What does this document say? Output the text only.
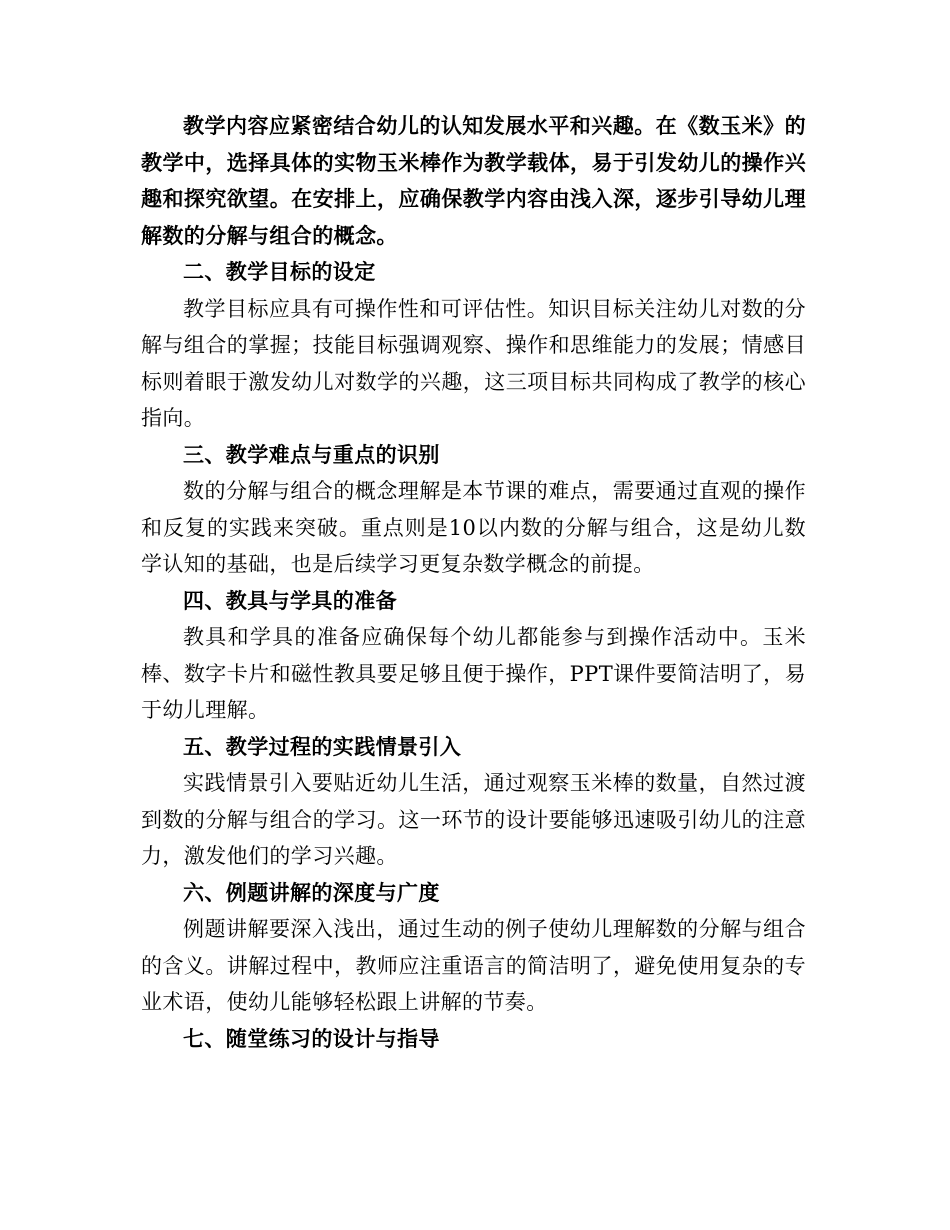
教学内容应紧密结合幼儿的认知发展水平和兴趣。在《数玉米》的教学中，选择具体的实物玉米棒作为教学载体，易于引发幼儿的操作兴趣和探究欲望。在安排上，应确保教学内容由浅入深，逐步引导幼儿理解数的分解与组合的概念。

二、教学目标的设定

教学目标应具有可操作性和可评估性。知识目标关注幼儿对数的分解与组合的掌握；技能目标强调观察、操作和思维能力的发展；情感目标则着眼于激发幼儿对数学的兴趣，这三项目标共同构成了教学的核心指向。

三、教学难点与重点的识别

数的分解与组合的概念理解是本节课的难点，需要通过直观的操作和反复的实践来突破。重点则是10以内数的分解与组合，这是幼儿数学认知的基础，也是后续学习更复杂数学概念的前提。

四、教具与学具的准备

教具和学具的准备应确保每个幼儿都能参与到操作活动中。玉米棒、数字卡片和磁性教具要足够且便于操作，PPT课件要简洁明了，易于幼儿理解。

五、教学过程的实践情景引入

实践情景引入要贴近幼儿生活，通过观察玉米棒的数量，自然过渡到数的分解与组合的学习。这一环节的设计要能够迅速吸引幼儿的注意力，激发他们的学习兴趣。

六、例题讲解的深度与广度

例题讲解要深入浅出，通过生动的例子使幼儿理解数的分解与组合的含义。讲解过程中，教师应注重语言的简洁明了，避免使用复杂的专业术语，使幼儿能够轻松跟上讲解的节奏。

七、随堂练习的设计与指导
